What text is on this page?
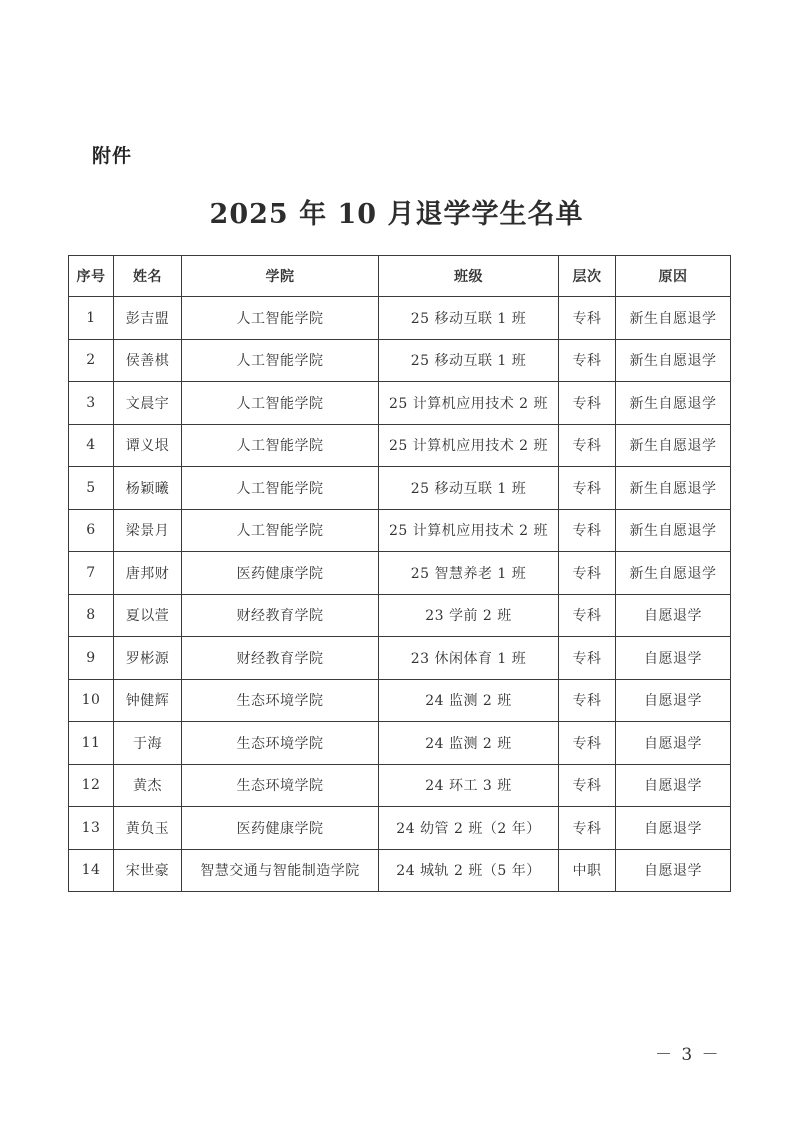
附件
2025 年 10 月退学学生名单
序号	姓名	学院	班级	层次	原因
1	彭吉盟	人工智能学院	25 移动互联 1 班	专科	新生自愿退学
2	侯善棋	人工智能学院	25 移动互联 1 班	专科	新生自愿退学
3	文晨宇	人工智能学院	25 计算机应用技术 2 班	专科	新生自愿退学
4	谭义垠	人工智能学院	25 计算机应用技术 2 班	专科	新生自愿退学
5	杨颖曦	人工智能学院	25 移动互联 1 班	专科	新生自愿退学
6	梁景月	人工智能学院	25 计算机应用技术 2 班	专科	新生自愿退学
7	唐邦财	医药健康学院	25 智慧养老 1 班	专科	新生自愿退学
8	夏以萱	财经教育学院	23 学前 2 班	专科	自愿退学
9	罗彬源	财经教育学院	23 休闲体育 1 班	专科	自愿退学
10	钟健辉	生态环境学院	24 监测 2 班	专科	自愿退学
11	于海	生态环境学院	24 监测 2 班	专科	自愿退学
12	黄杰	生态环境学院	24 环工 3 班	专科	自愿退学
13	黄负玉	医药健康学院	24 幼管 2 班（2 年）	专科	自愿退学
14	宋世豪	智慧交通与智能制造学院	24 城轨 2 班（5 年）	中职	自愿退学
－ 3 －
